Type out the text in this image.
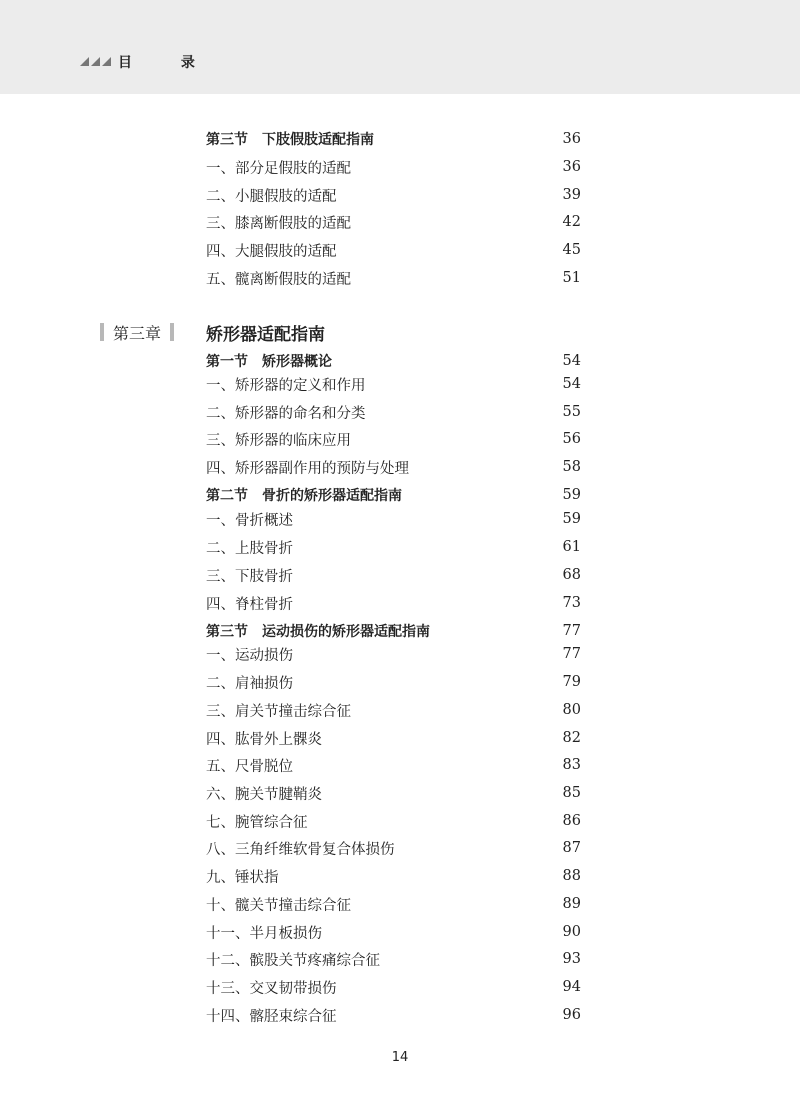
目 录
第三节　下肢假肢适配指南	36
一、部分足假肢的适配	36
二、小腿假肢的适配	39
三、膝离断假肢的适配	42
四、大腿假肢的适配	45
五、髋离断假肢的适配	51
第三章	矫形器适配指南
第一节　矫形器概论	54
一、矫形器的定义和作用	54
二、矫形器的命名和分类	55
三、矫形器的临床应用	56
四、矫形器副作用的预防与处理	58
第二节　骨折的矫形器适配指南	59
一、骨折概述	59
二、上肢骨折	61
三、下肢骨折	68
四、脊柱骨折	73
第三节　运动损伤的矫形器适配指南	77
一、运动损伤	77
二、肩袖损伤	79
三、肩关节撞击综合征	80
四、肱骨外上髁炎	82
五、尺骨脱位	83
六、腕关节腱鞘炎	85
七、腕管综合征	86
八、三角纤维软骨复合体损伤	87
九、锤状指	88
十、髋关节撞击综合征	89
十一、半月板损伤	90
十二、髌股关节疼痛综合征	93
十三、交叉韧带损伤	94
十四、髂胫束综合征	96
14
